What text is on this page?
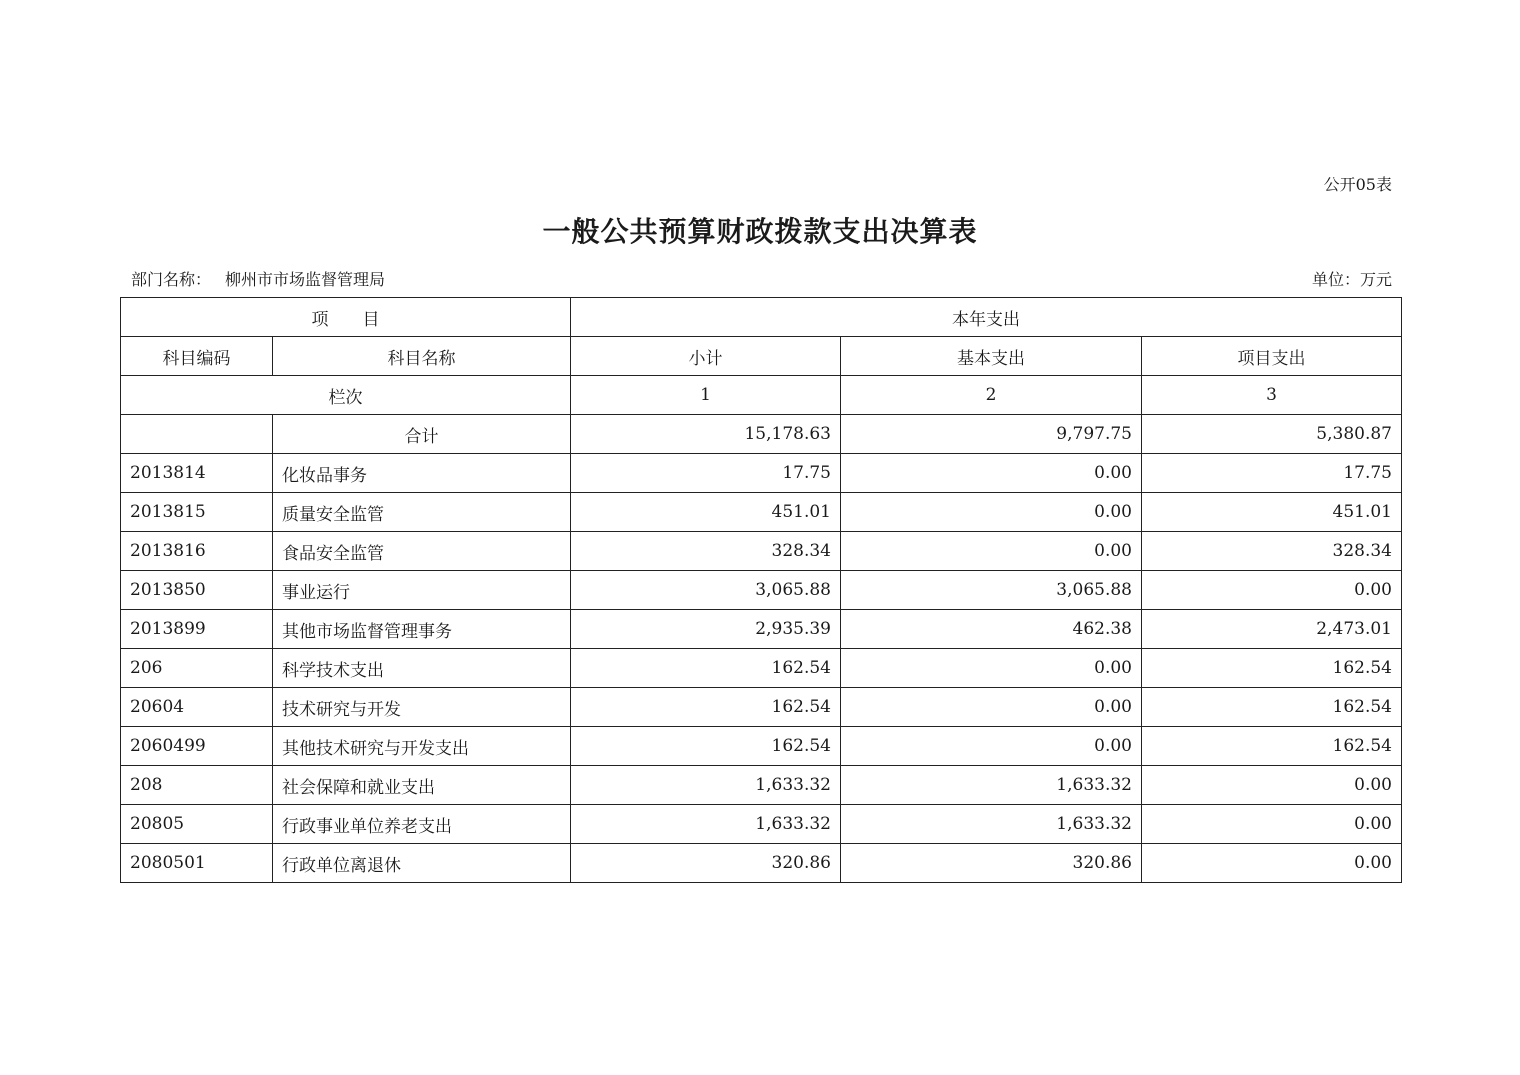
公开05表
一般公共预算财政拨款支出决算表
部门名称： 柳州市市场监督管理局	单位：万元
项　　目		本年支出		
科目编码	科目名称	小计	基本支出	项目支出
栏次		1	2	3
	合计	15,178.63	9,797.75	5,380.87
2013814	化妆品事务	17.75	0.00	17.75
2013815	质量安全监管	451.01	0.00	451.01
2013816	食品安全监管	328.34	0.00	328.34
2013850	事业运行	3,065.88	3,065.88	0.00
2013899	其他市场监督管理事务	2,935.39	462.38	2,473.01
206	科学技术支出	162.54	0.00	162.54
20604	技术研究与开发	162.54	0.00	162.54
2060499	其他技术研究与开发支出	162.54	0.00	162.54
208	社会保障和就业支出	1,633.32	1,633.32	0.00
20805	行政事业单位养老支出	1,633.32	1,633.32	0.00
2080501	行政单位离退休	320.86	320.86	0.00
